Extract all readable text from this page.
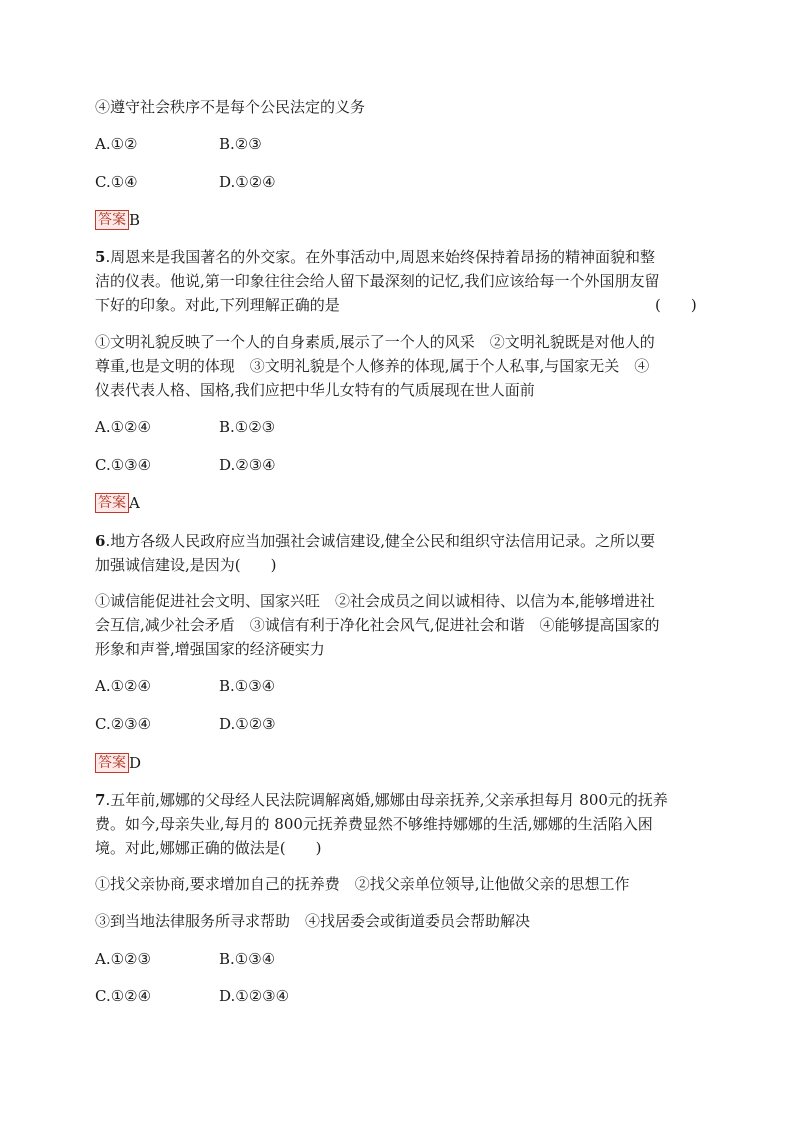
④遵守社会秩序不是每个公民法定的义务
A.①②	B.②③
C.①④	D.①②④
答案 B
5.周恩来是我国著名的外交家。在外事活动中,周恩来始终保持着昂扬的精神面貌和整
洁的仪表。他说,第一印象往往会给人留下最深刻的记忆,我们应该给每一个外国朋友留
下好的印象。对此,下列理解正确的是	(　　)
①文明礼貌反映了一个人的自身素质,展示了一个人的风采　②文明礼貌既是对他人的
尊重,也是文明的体现　③文明礼貌是个人修养的体现,属于个人私事,与国家无关　④
仪表代表人格、国格,我们应把中华儿女特有的气质展现在世人面前
A.①②④	B.①②③
C.①③④	D.②③④
答案 A
6.地方各级人民政府应当加强社会诚信建设,健全公民和组织守法信用记录。之所以要
加强诚信建设,是因为(　　)
①诚信能促进社会文明、国家兴旺　②社会成员之间以诚相待、以信为本,能够增进社
会互信,减少社会矛盾　③诚信有利于净化社会风气,促进社会和谐　④能够提高国家的
形象和声誉,增强国家的经济硬实力
A.①②④	B.①③④
C.②③④	D.①②③
答案 D
7.五年前,娜娜的父母经人民法院调解离婚,娜娜由母亲抚养,父亲承担每月 800元的抚养
费。如今,母亲失业,每月的 800元抚养费显然不够维持娜娜的生活,娜娜的生活陷入困
境。对此,娜娜正确的做法是(　　)
①找父亲协商,要求增加自己的抚养费　②找父亲单位领导,让他做父亲的思想工作
③到当地法律服务所寻求帮助　④找居委会或街道委员会帮助解决
A.①②③	B.①③④
C.①②④	D.①②③④
